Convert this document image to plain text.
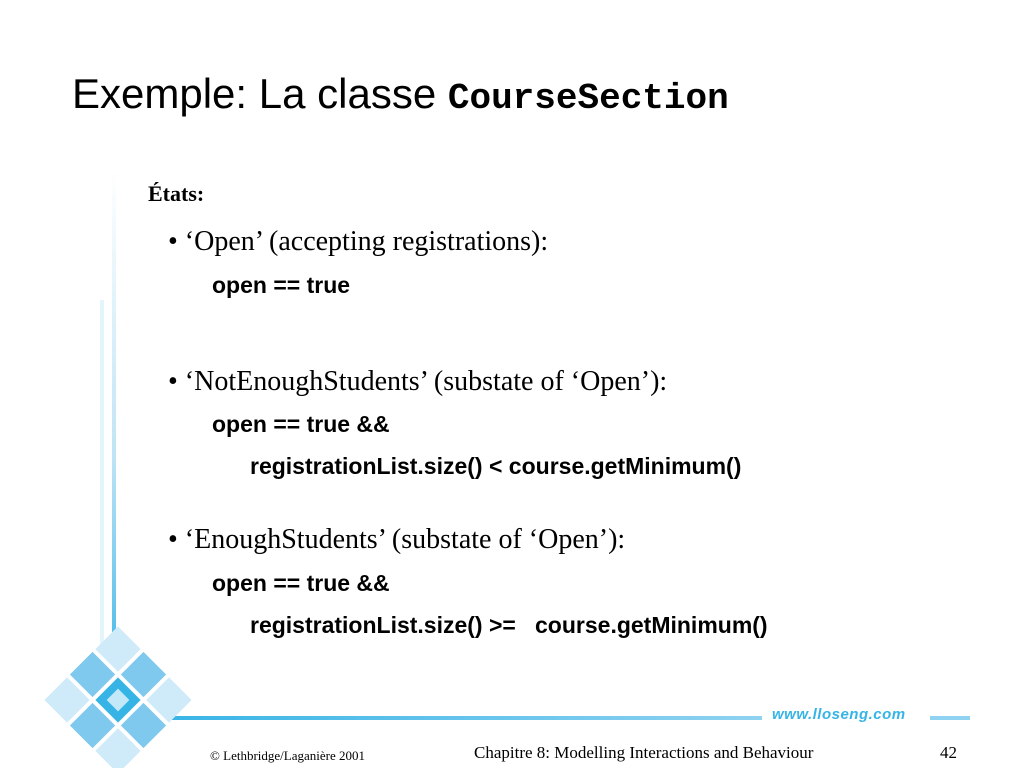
Exemple: La classe CourseSection
États:
• ‘Open’ (accepting registrations):
open == true
• ‘NotEnoughStudents’ (substate of ‘Open’):
open == true &&
registrationList.size() < course.getMinimum()
• ‘EnoughStudents’ (substate of ‘Open’):
open == true &&
registrationList.size() >=   course.getMinimum()
www.lloseng.com
© Lethbridge/Laganière 2001	Chapitre 8: Modelling Interactions and Behaviour	42
